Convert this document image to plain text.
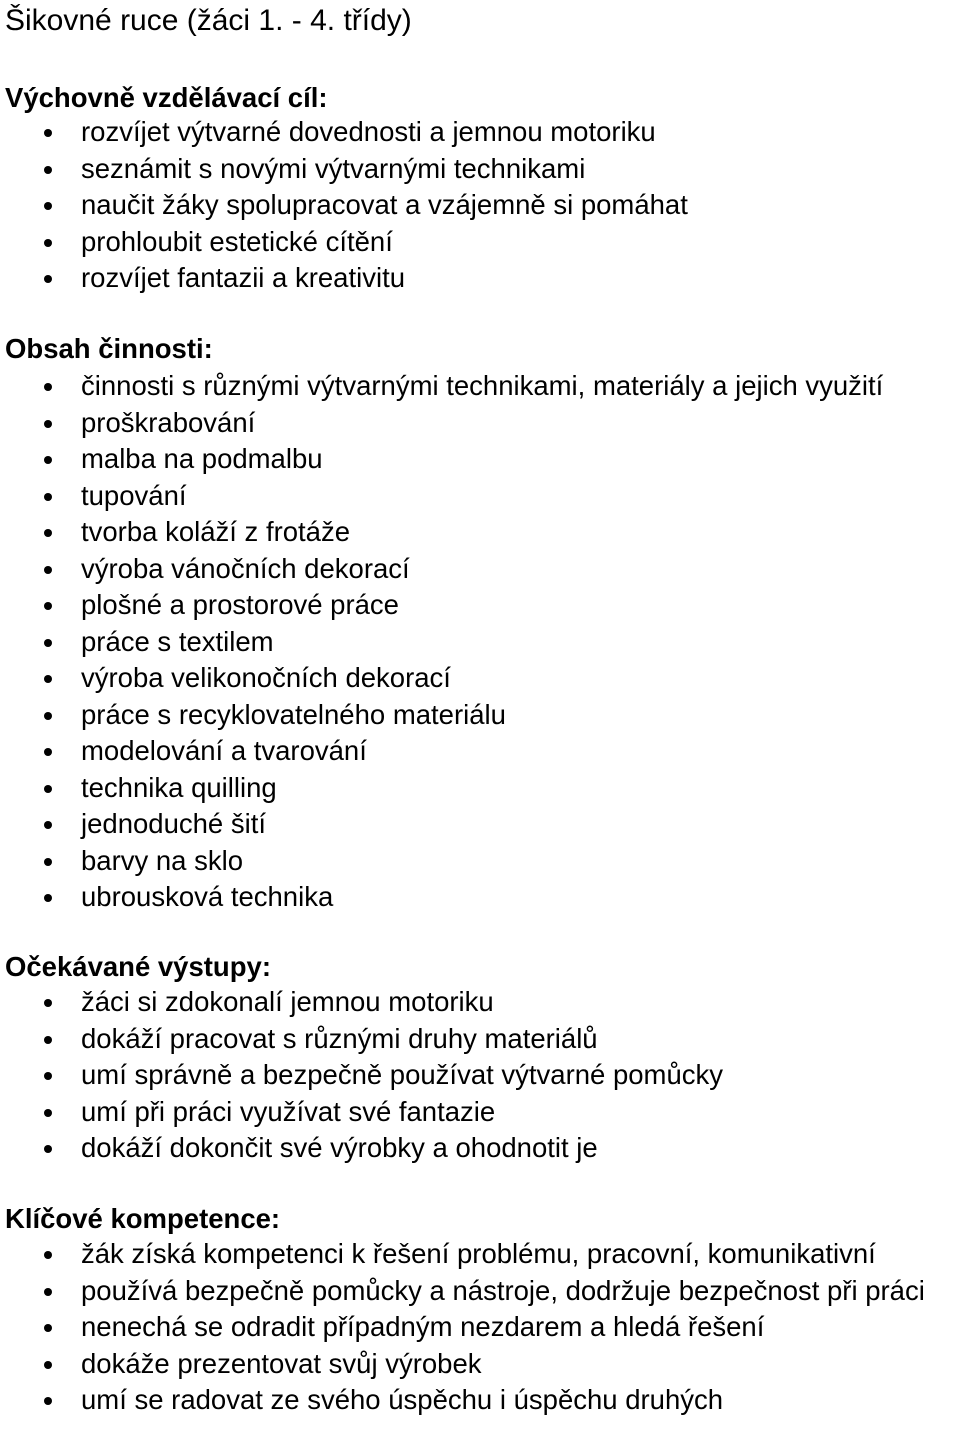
Šikovné ruce (žáci 1. - 4. třídy)
Výchovně vzdělávací cíl:
rozvíjet výtvarné dovednosti a jemnou motoriku
seznámit s novými výtvarnými technikami
naučit žáky spolupracovat a vzájemně si pomáhat
prohloubit estetické cítění
rozvíjet fantazii a kreativitu
Obsah činnosti:
činnosti s různými výtvarnými technikami, materiály a jejich využití
proškrabování
malba na podmalbu
tupování
tvorba koláží z frotáže
výroba vánočních dekorací
plošné a prostorové práce
práce s textilem
výroba velikonočních dekorací
práce s recyklovatelného materiálu
modelování a tvarování
technika quilling
jednoduché šití
barvy na sklo
ubrousková technika
Očekávané výstupy:
žáci si zdokonalí jemnou motoriku
dokáží pracovat s různými druhy materiálů
umí správně a bezpečně používat výtvarné pomůcky
umí při práci využívat své fantazie
dokáží dokončit své výrobky a ohodnotit je
Klíčové kompetence:
žák získá kompetenci k řešení problému, pracovní, komunikativní
používá bezpečně pomůcky a nástroje, dodržuje bezpečnost při práci
nenechá se odradit případným nezdarem a hledá řešení
dokáže prezentovat svůj výrobek
umí se radovat ze svého úspěchu i úspěchu druhých
